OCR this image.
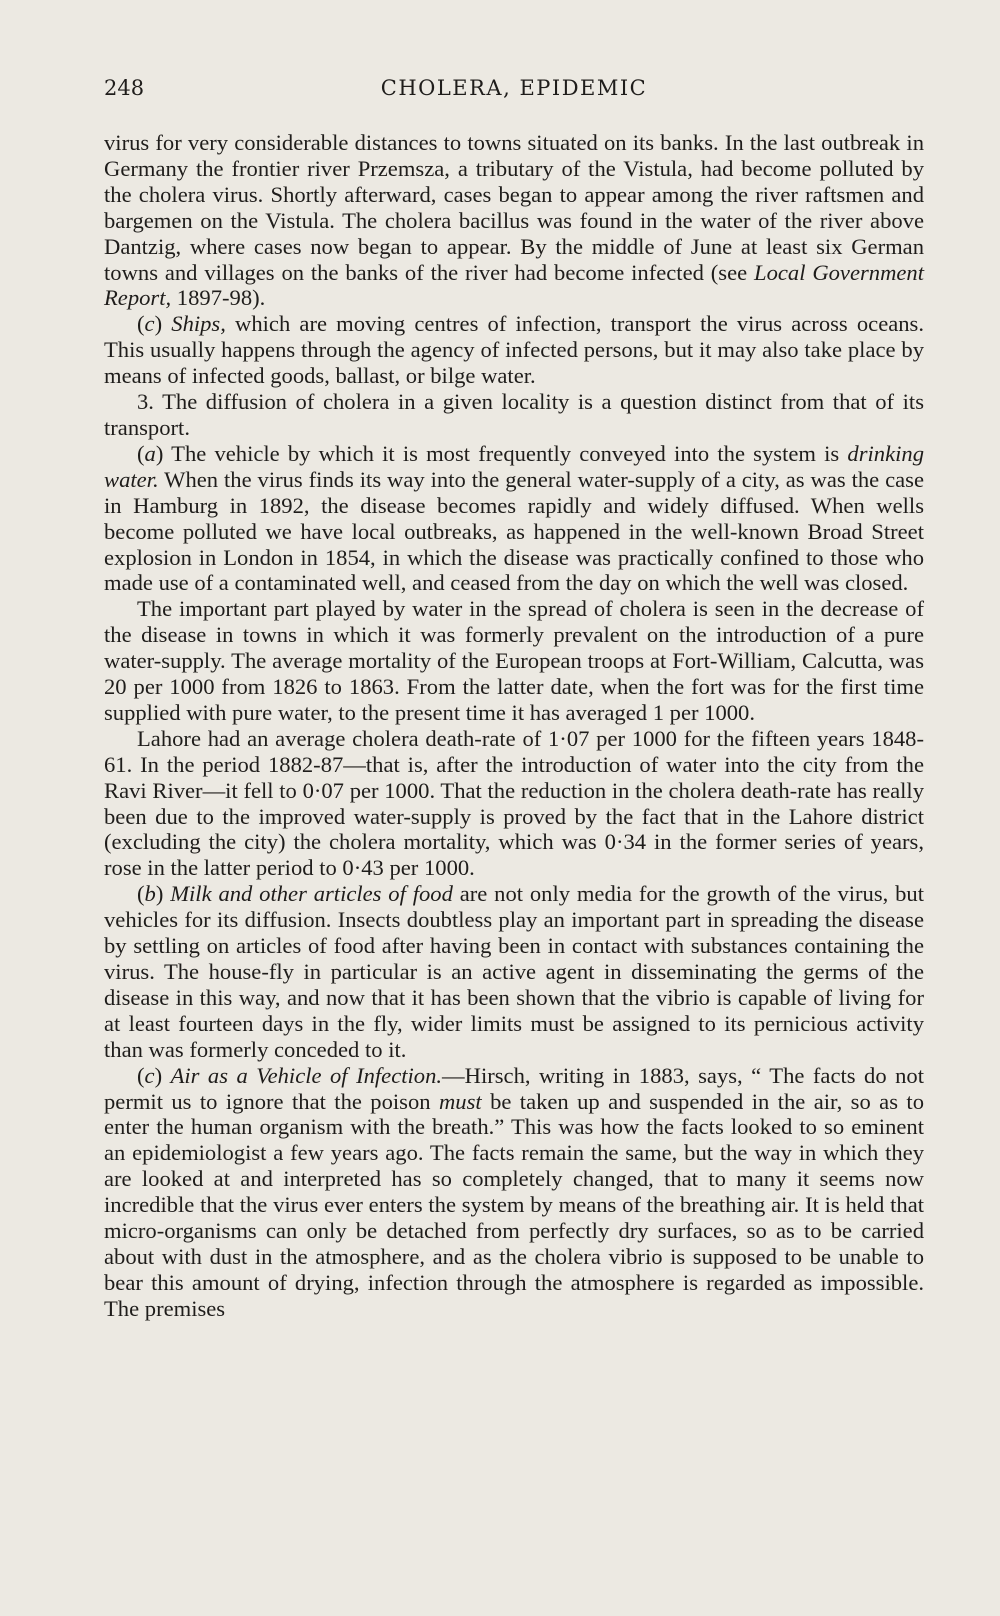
248	CHOLERA, EPIDEMIC

virus for very considerable distances to towns situated on its banks. In the last outbreak in Germany the frontier river Przemsza, a tributary of the Vistula, had become polluted by the cholera virus. Shortly afterward, cases began to appear among the river raftsmen and bargemen on the Vistula. The cholera bacillus was found in the water of the river above Dantzig, where cases now began to appear. By the middle of June at least six German towns and villages on the banks of the river had become infected (see Local Government Report, 1897-98).

(c) Ships, which are moving centres of infection, transport the virus across oceans. This usually happens through the agency of infected persons, but it may also take place by means of infected goods, ballast, or bilge water.

3. The diffusion of cholera in a given locality is a question distinct from that of its transport.

(a) The vehicle by which it is most frequently conveyed into the system is drinking water. When the virus finds its way into the general water-supply of a city, as was the case in Hamburg in 1892, the disease becomes rapidly and widely diffused. When wells become polluted we have local outbreaks, as happened in the well-known Broad Street explosion in London in 1854, in which the disease was practically confined to those who made use of a contaminated well, and ceased from the day on which the well was closed.

The important part played by water in the spread of cholera is seen in the decrease of the disease in towns in which it was formerly prevalent on the introduction of a pure water-supply. The average mortality of the European troops at Fort-William, Calcutta, was 20 per 1000 from 1826 to 1863. From the latter date, when the fort was for the first time supplied with pure water, to the present time it has averaged 1 per 1000.

Lahore had an average cholera death-rate of 1·07 per 1000 for the fifteen years 1848-61. In the period 1882-87—that is, after the introduction of water into the city from the Ravi River—it fell to 0·07 per 1000. That the reduction in the cholera death-rate has really been due to the improved water-supply is proved by the fact that in the Lahore district (excluding the city) the cholera mortality, which was 0·34 in the former series of years, rose in the latter period to 0·43 per 1000.

(b) Milk and other articles of food are not only media for the growth of the virus, but vehicles for its diffusion. Insects doubtless play an important part in spreading the disease by settling on articles of food after having been in contact with substances containing the virus. The house-fly in particular is an active agent in disseminating the germs of the disease in this way, and now that it has been shown that the vibrio is capable of living for at least fourteen days in the fly, wider limits must be assigned to its pernicious activity than was formerly conceded to it.

(c) Air as a Vehicle of Infection.—Hirsch, writing in 1883, says, “ The facts do not permit us to ignore that the poison must be taken up and suspended in the air, so as to enter the human organism with the breath.” This was how the facts looked to so eminent an epidemiologist a few years ago. The facts remain the same, but the way in which they are looked at and interpreted has so completely changed, that to many it seems now incredible that the virus ever enters the system by means of the breathing air. It is held that micro-organisms can only be detached from perfectly dry surfaces, so as to be carried about with dust in the atmosphere, and as the cholera vibrio is supposed to be unable to bear this amount of drying, infection through the atmosphere is regarded as impossible. The premises
